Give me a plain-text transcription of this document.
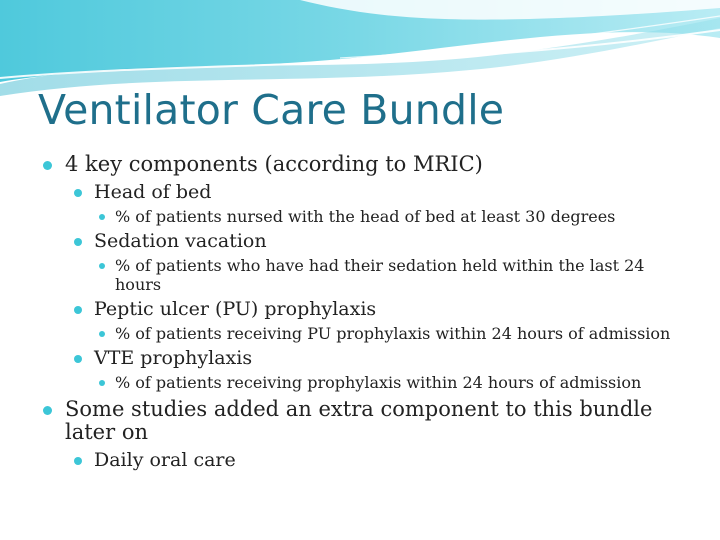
Ventilator Care Bundle

4 key components (according to MRIC)

Head of bed

% of patients nursed with the head of bed at least 30 degrees

Sedation vacation

% of patients who have had their sedation held within the last 24

hours

Peptic ulcer (PU) prophylaxis

% of patients receiving PU prophylaxis within 24 hours of admission

VTE prophylaxis

% of patients receiving prophylaxis within 24 hours of admission

Some studies added an extra component to this bundle

later on

Daily oral care
